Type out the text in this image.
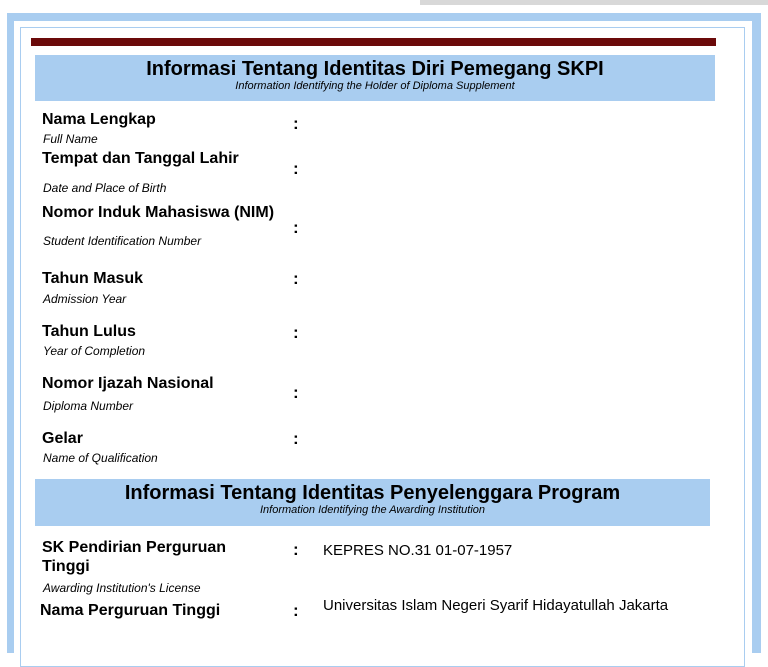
Informasi Tentang Identitas Diri Pemegang SKPI
Information Identifying the Holder of Diploma Supplement
Nama Lengkap
Full Name
:
Tempat dan Tanggal Lahir
Date and Place of Birth
:
Nomor Induk Mahasiswa (NIM)
Student Identification Number
:
Tahun Masuk
Admission Year
:
Tahun Lulus
Year of Completion
:
Nomor Ijazah Nasional
Diploma Number
:
Gelar
Name of Qualification
:
Informasi Tentang Identitas Penyelenggara Program
Information Identifying the Awarding Institution
SK Pendirian Perguruan
Tinggi
Awarding Institution's License
: KEPRES NO.31 01-07-1957
Nama Perguruan Tinggi	: Universitas Islam Negeri Syarif Hidayatullah Jakarta
